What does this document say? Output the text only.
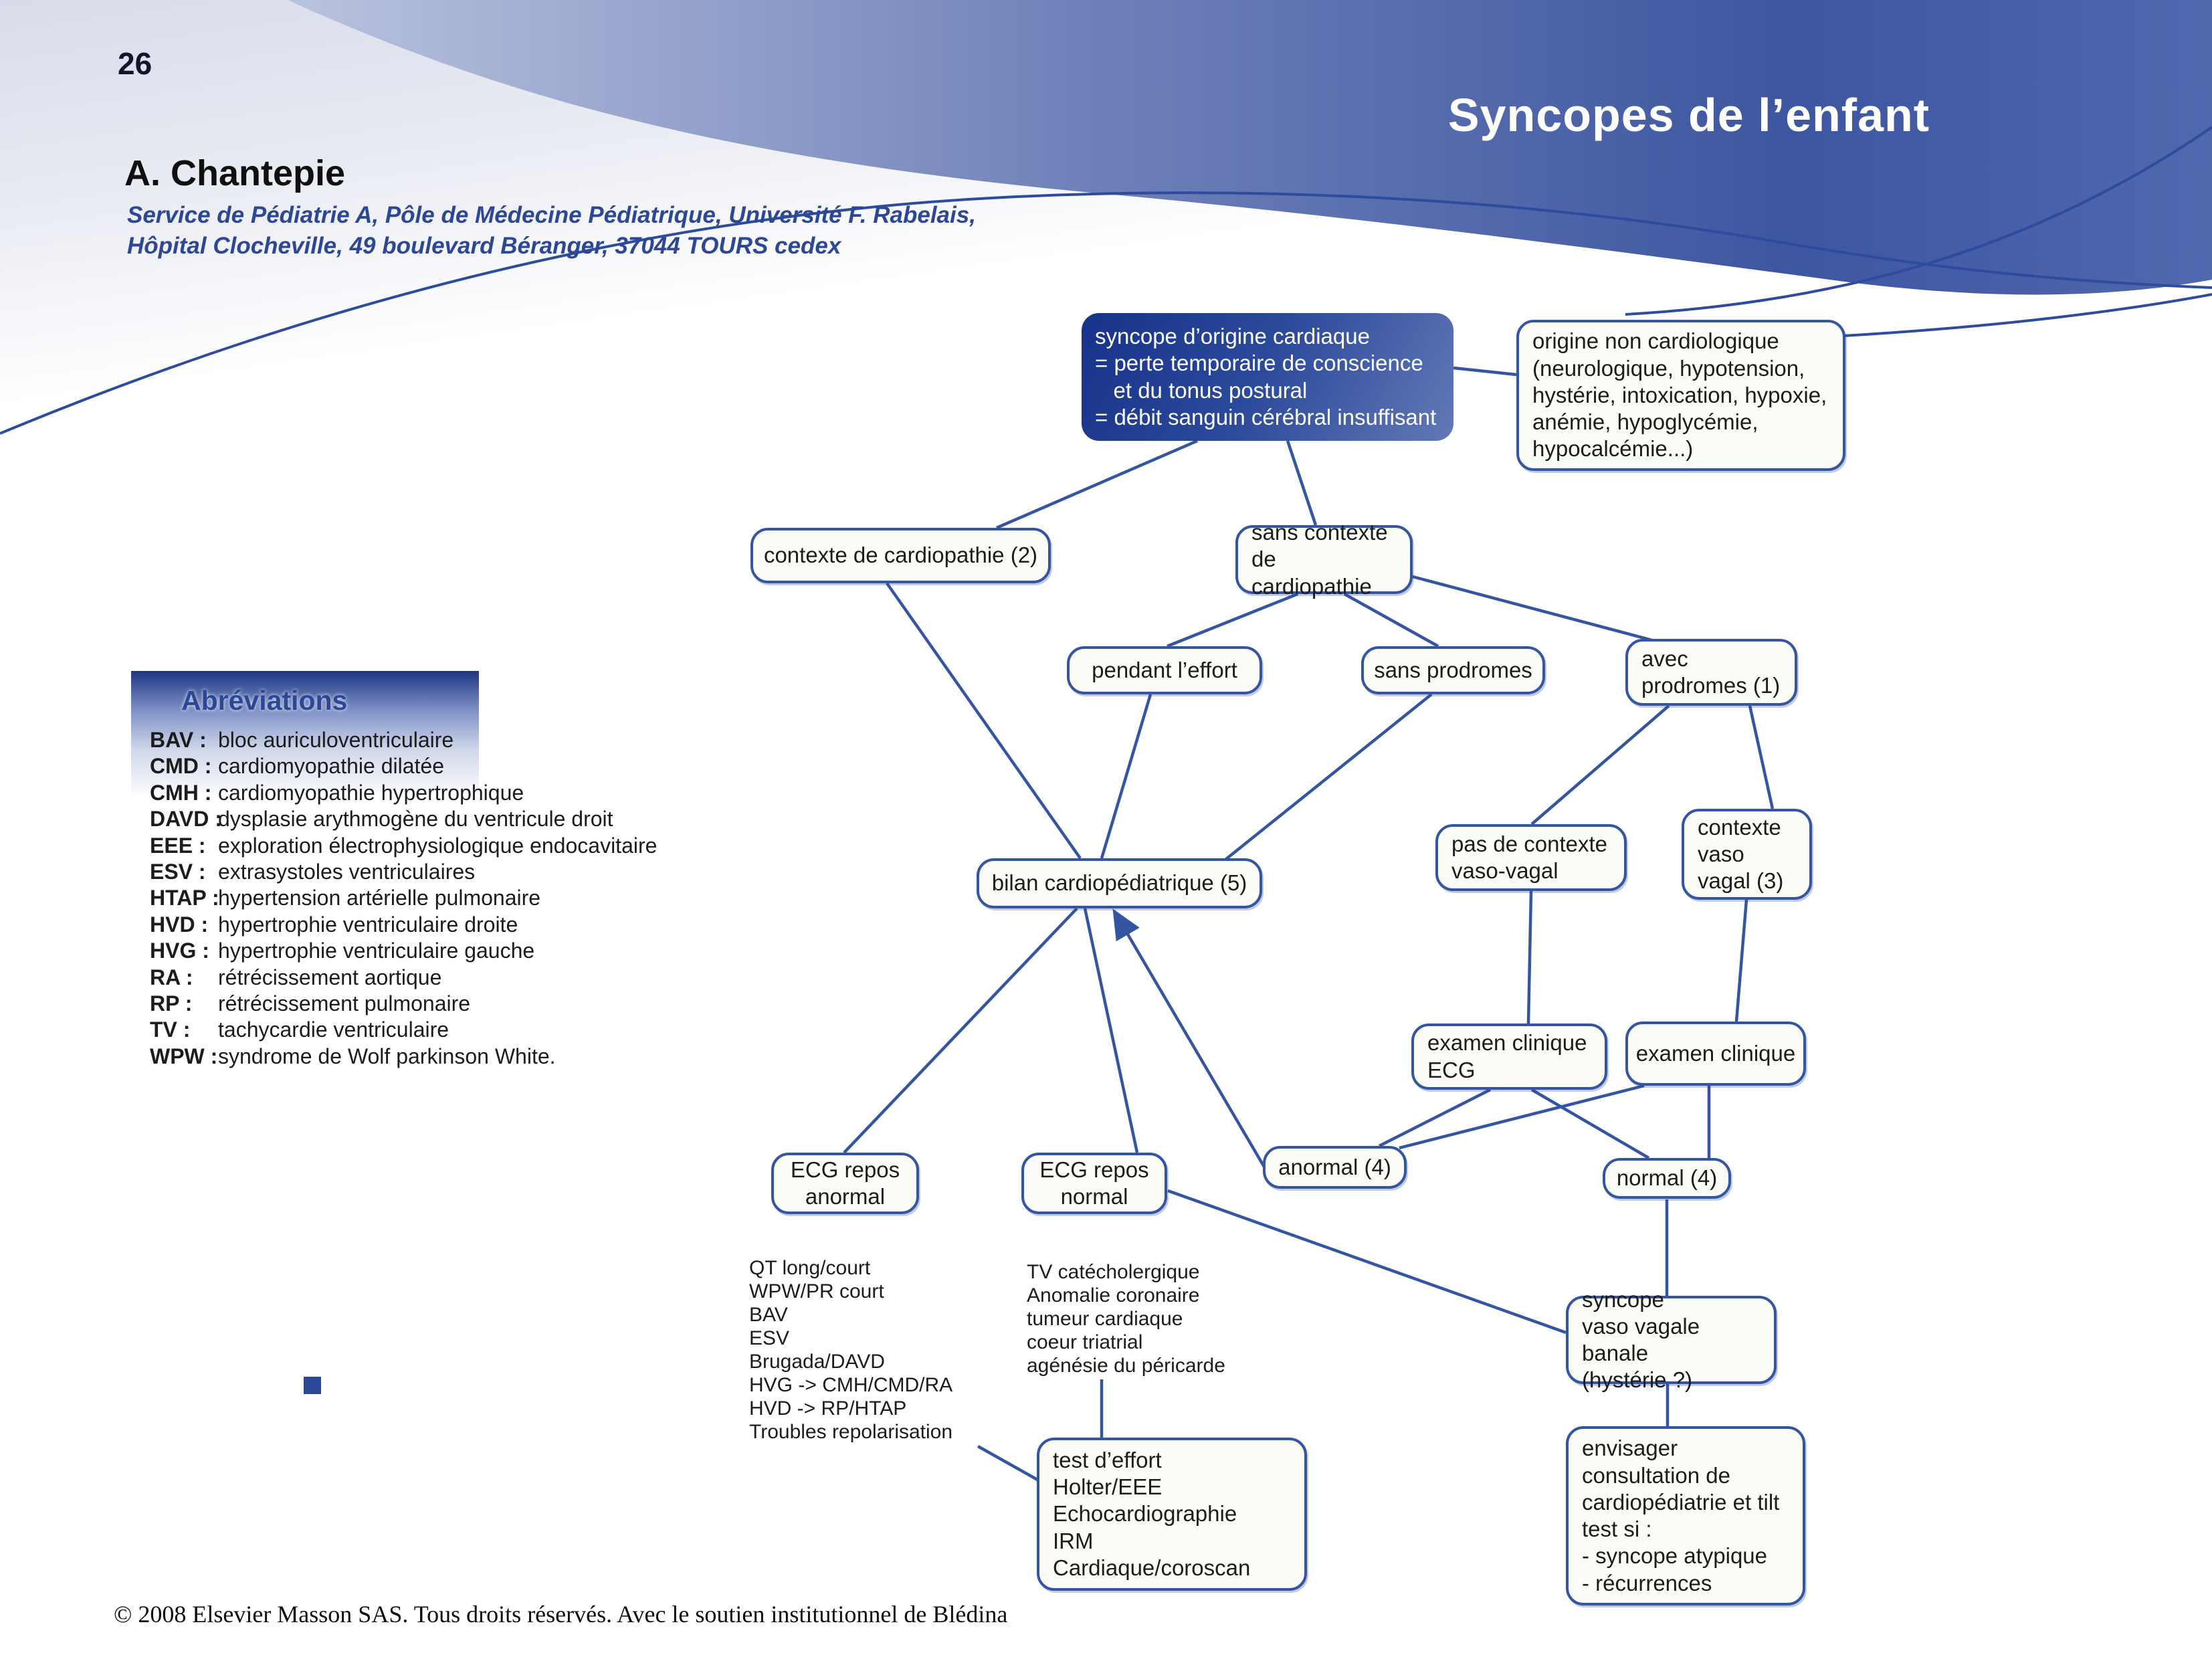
26
Syncopes de l’enfant
A. Chantepie
Service de Pédiatrie A, Pôle de Médecine Pédiatrique, Université F. Rabelais,
Hôpital Clocheville, 49 boulevard Béranger, 37044 TOURS cedex
Abréviations
BAV : bloc auriculoventriculaire
CMD : cardiomyopathie dilatée
CMH : cardiomyopathie hypertrophique
DAVD :
dysplasie arythmogène du ventricule droit
EEE : exploration électrophysiologique endocavitaire
ESV : extrasystoles ventriculaires
HTAP :
hypertension artérielle pulmonaire
HVD : hypertrophie ventriculaire droite
HVG : hypertrophie ventriculaire gauche
RA : rétrécissement aortique
RP : rétrécissement pulmonaire
TV : tachycardie ventriculaire
WPW : syndrome de Wolf parkinson White.
syncope d’origine cardiaque
= perte temporaire de conscience
et du tonus postural
= débit sanguin cérébral insuffisant
origine non cardiologique
(neurologique, hypotension,
hystérie, intoxication, hypoxie,
anémie, hypoglycémie,
hypocalcémie...)
contexte de cardiopathie (2)
sans contexte
de cardiopathie
pendant l’effort	sans prodromes	avec
prodromes (1)
pas de contexte
vaso-vagal
contexte
vaso
vagal (3)
bilan cardiopédiatrique (5)
examen clinique
ECG
examen clinique
ECG repos
anormal
ECG repos
normal
anormal (4)	normal (4)
syncope
vaso vagale banale
(hystérie ?)
test d’effort
Holter/EEE
Echocardiographie
IRM Cardiaque/coroscan
envisager
consultation de
cardiopédiatrie et tilt
test si :
- syncope atypique
- récurrences
QT long/court
WPW/PR court
BAV
ESV
Brugada/DAVD
HVG -> CMH/CMD/RA
HVD -> RP/HTAP
Troubles repolarisation
TV catécholergique
Anomalie coronaire
tumeur cardiaque
coeur triatrial
agénésie du péricarde
© 2008 Elsevier Masson SAS. Tous droits réservés. Avec le soutien institutionnel de Blédina
